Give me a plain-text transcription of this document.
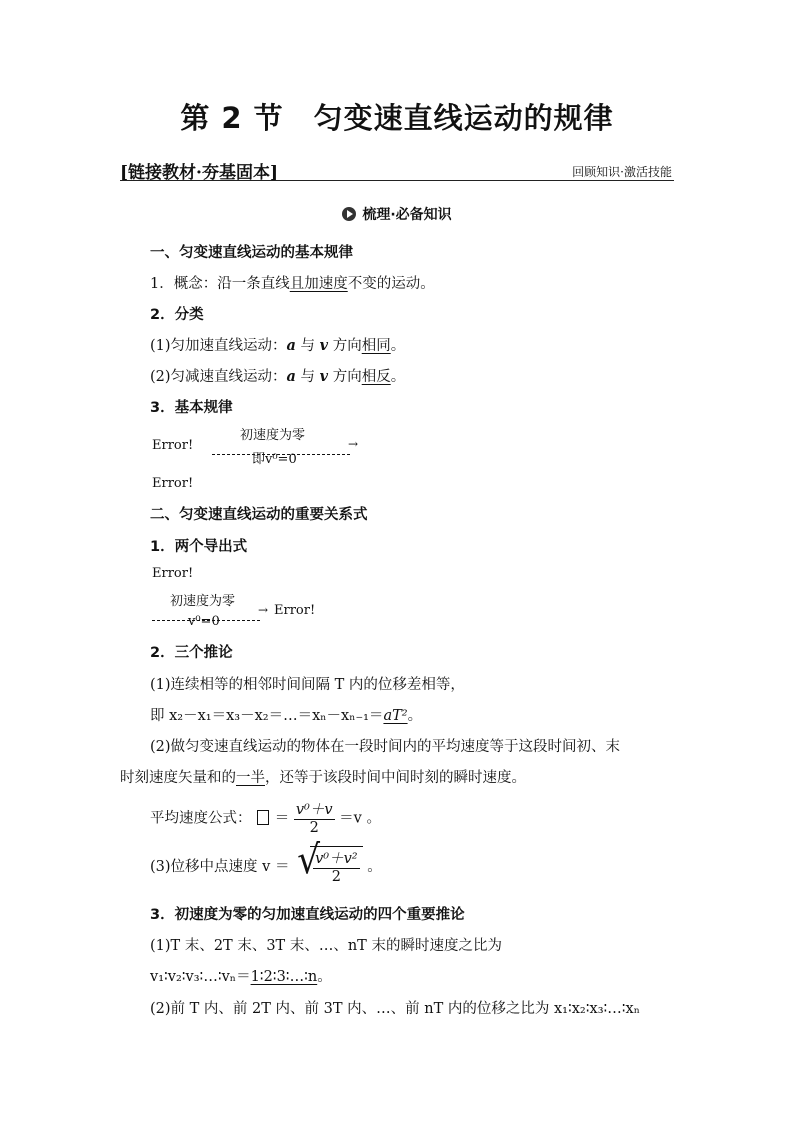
第 2 节　匀变速直线运动的规律
[链接教材·夯基固本]	回顾知识·激活技能
梳理·必备知识
一、匀变速直线运动的基本规律
1．概念：沿一条直线且加速度不变的运动。
2．分类
(1)匀加速直线运动：a 与 v 方向相同。
(2)匀减速直线运动：a 与 v 方向相反。
3．基本规律
Error!
初速度为零
→
即v⁰=0
Error!
二、匀变速直线运动的重要关系式
1．两个导出式
Error!
初速度为零
→
v⁰=0
Error!
2．三个推论
(1)连续相等的相邻时间间隔 T 内的位移差相等，
即 x₂－x₁＝x₃－x₂＝…＝xₙ－xₙ₋₁＝aT²。
(2)做匀变速直线运动的物体在一段时间内的平均速度等于这段时间初、末
时刻速度矢量和的一半，还等于该段时间中间时刻的瞬时速度。
平均速度公式： ＝ $\frac{\text{v⁰＋v}}{2} =v$ 。
(3)位移中点速度 v ＝
√ $\frac{\text{v⁰＋v²}}{2}$ 。
3．初速度为零的匀加速直线运动的四个重要推论
(1)T 末、2T 末、3T 末、…、nT 末的瞬时速度之比为
v₁∶v₂∶v₃∶…∶vₙ＝1∶2∶3∶…∶n。
(2)前 T 内、前 2T 内、前 3T 内、…、前 nT 内的位移之比为 x₁∶x₂∶x₃∶…∶xₙ
